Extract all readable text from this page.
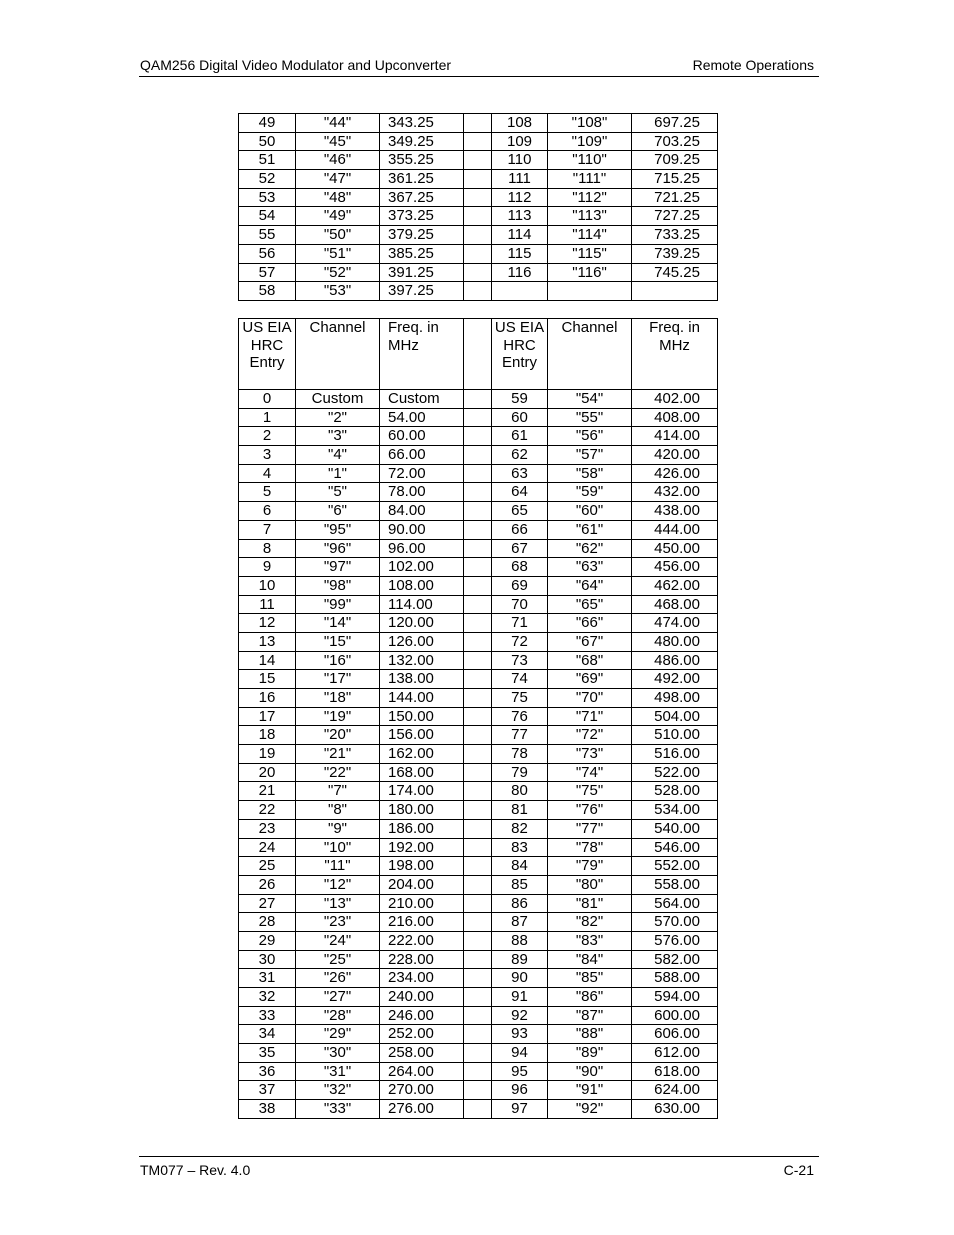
QAM256 Digital Video Modulator and Upconverter	Remote Operations
49	"44"	343.25		108	"108"	697.25
50	"45"	349.25		109	"109"	703.25
51	"46"	355.25		110	"110"	709.25
52	"47"	361.25		111	"111"	715.25
53	"48"	367.25		112	"112"	721.25
54	"49"	373.25		113	"113"	727.25
55	"50"	379.25		114	"114"	733.25
56	"51"	385.25		115	"115"	739.25
57	"52"	391.25		116	"116"	745.25
58	"53"	397.25				
US EIA HRC Entry	Channel	Freq. in MHz		US EIA HRC Entry	Channel	Freq. in MHz
0	Custom	Custom		59	"54"	402.00
1	"2"	54.00		60	"55"	408.00
2	"3"	60.00		61	"56"	414.00
3	"4"	66.00		62	"57"	420.00
4	"1"	72.00		63	"58"	426.00
5	"5"	78.00		64	"59"	432.00
6	"6"	84.00		65	"60"	438.00
7	"95"	90.00		66	"61"	444.00
8	"96"	96.00		67	"62"	450.00
9	"97"	102.00		68	"63"	456.00
10	"98"	108.00		69	"64"	462.00
11	"99"	114.00		70	"65"	468.00
12	"14"	120.00		71	"66"	474.00
13	"15"	126.00		72	"67"	480.00
14	"16"	132.00		73	"68"	486.00
15	"17"	138.00		74	"69"	492.00
16	"18"	144.00		75	"70"	498.00
17	"19"	150.00		76	"71"	504.00
18	"20"	156.00		77	"72"	510.00
19	"21"	162.00		78	"73"	516.00
20	"22"	168.00		79	"74"	522.00
21	"7"	174.00		80	"75"	528.00
22	"8"	180.00		81	"76"	534.00
23	"9"	186.00		82	"77"	540.00
24	"10"	192.00		83	"78"	546.00
25	"11"	198.00		84	"79"	552.00
26	"12"	204.00		85	"80"	558.00
27	"13"	210.00		86	"81"	564.00
28	"23"	216.00		87	"82"	570.00
29	"24"	222.00		88	"83"	576.00
30	"25"	228.00		89	"84"	582.00
31	"26"	234.00		90	"85"	588.00
32	"27"	240.00		91	"86"	594.00
33	"28"	246.00		92	"87"	600.00
34	"29"	252.00		93	"88"	606.00
35	"30"	258.00		94	"89"	612.00
36	"31"	264.00		95	"90"	618.00
37	"32"	270.00		96	"91"	624.00
38	"33"	276.00		97	"92"	630.00
TM077 – Rev. 4.0	C-21
